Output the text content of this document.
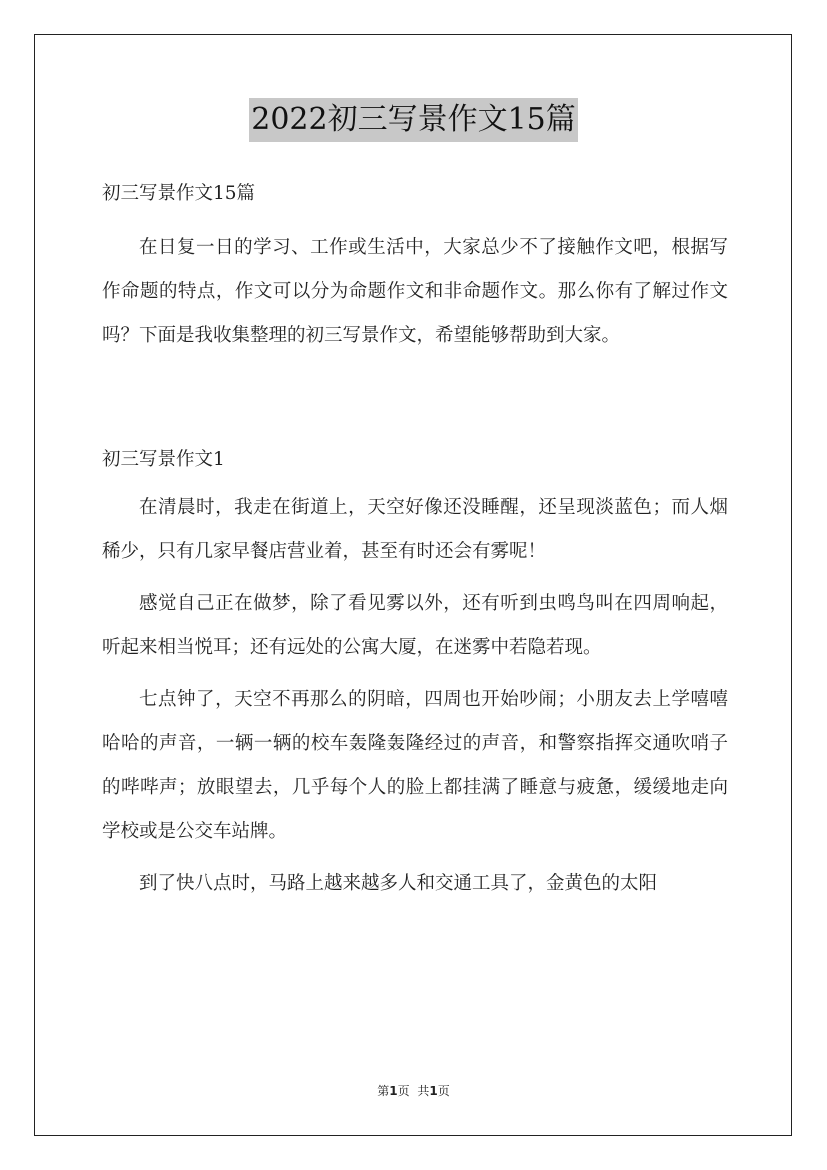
2022初三写景作文15篇

初三写景作文15篇

在日复一日的学习、工作或生活中，大家总少不了接触作文吧，根据写作命题的特点，作文可以分为命题作文和非命题作文。那么你有了解过作文吗？下面是我收集整理的初三写景作文，希望能够帮助到大家。

初三写景作文1

在清晨时，我走在街道上，天空好像还没睡醒，还呈现淡蓝色；而人烟稀少，只有几家早餐店营业着，甚至有时还会有雾呢！

感觉自己正在做梦，除了看见雾以外，还有听到虫鸣鸟叫在四周响起，听起来相当悦耳；还有远处的公寓大厦，在迷雾中若隐若现。

七点钟了，天空不再那么的阴暗，四周也开始吵闹；小朋友去上学嘻嘻哈哈的声音，一辆一辆的校车轰隆轰隆经过的声音，和警察指挥交通吹哨子的哔哔声；放眼望去，几乎每个人的脸上都挂满了睡意与疲惫，缓缓地走向学校或是公交车站牌。

到了快八点时，马路上越来越多人和交通工具了，金黄色的太阳

第1页 共1页
